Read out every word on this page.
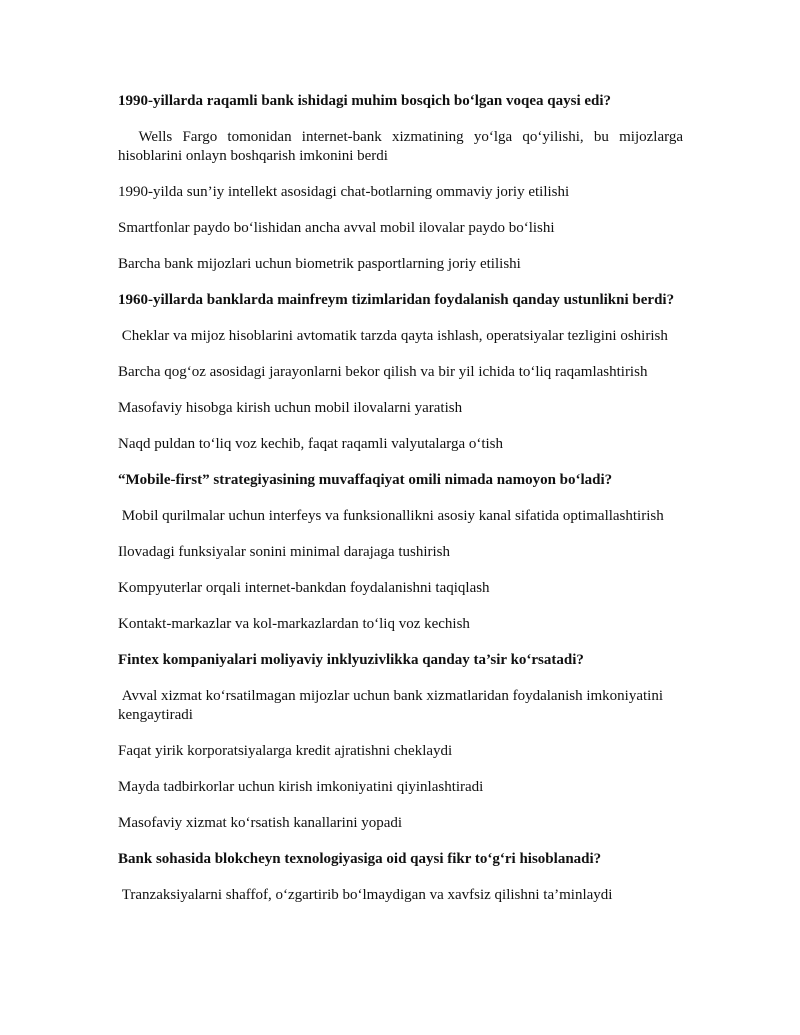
1990-yillarda raqamli bank ishidagi muhim bosqich bo‘lgan voqea qaysi edi?
Wells Fargo tomonidan internet-bank xizmatining yo‘lga qo‘yilishi, bu mijozlarga hisoblarini onlayn boshqarish imkonini berdi
1990-yilda sun’iy intellekt asosidagi chat-botlarning ommaviy joriy etilishi
Smartfonlar paydo bo‘lishidan ancha avval mobil ilovalar paydo bo‘lishi
Barcha bank mijozlari uchun biometrik pasportlarning joriy etilishi
1960-yillarda banklarda mainfreym tizimlaridan foydalanish qanday ustunlikni berdi?
Cheklar va mijoz hisoblarini avtomatik tarzda qayta ishlash, operatsiyalar tezligini oshirish
Barcha qog‘oz asosidagi jarayonlarni bekor qilish va bir yil ichida to‘liq raqamlashtirish
Masofaviy hisobga kirish uchun mobil ilovalarni yaratish
Naqd puldan to‘liq voz kechib, faqat raqamli valyutalarga o‘tish
“Mobile-first” strategiyasining muvaffaqiyat omili nimada namoyon bo‘ladi?
Mobil qurilmalar uchun interfeys va funksionallikni asosiy kanal sifatida optimallashtirish
Ilovadagi funksiyalar sonini minimal darajaga tushirish
Kompyuterlar orqali internet-bankdan foydalanishni taqiqlash
Kontakt-markazlar va kol-markazlardan to‘liq voz kechish
Fintex kompaniyalari moliyaviy inklyuzivlikka qanday ta’sir ko‘rsatadi?
Avval xizmat ko‘rsatilmagan mijozlar uchun bank xizmatlaridan foydalanish imkoniyatini kengaytiradi
Faqat yirik korporatsiyalarga kredit ajratishni cheklaydi
Mayda tadbirkorlar uchun kirish imkoniyatini qiyinlashtiradi
Masofaviy xizmat ko‘rsatish kanallarini yopadi
Bank sohasida blokcheyn texnologiyasiga oid qaysi fikr to‘g‘ri hisoblanadi?
Tranzaksiyalarni shaffof, o‘zgartirib bo‘lmaydigan va xavfsiz qilishni ta’minlaydi
